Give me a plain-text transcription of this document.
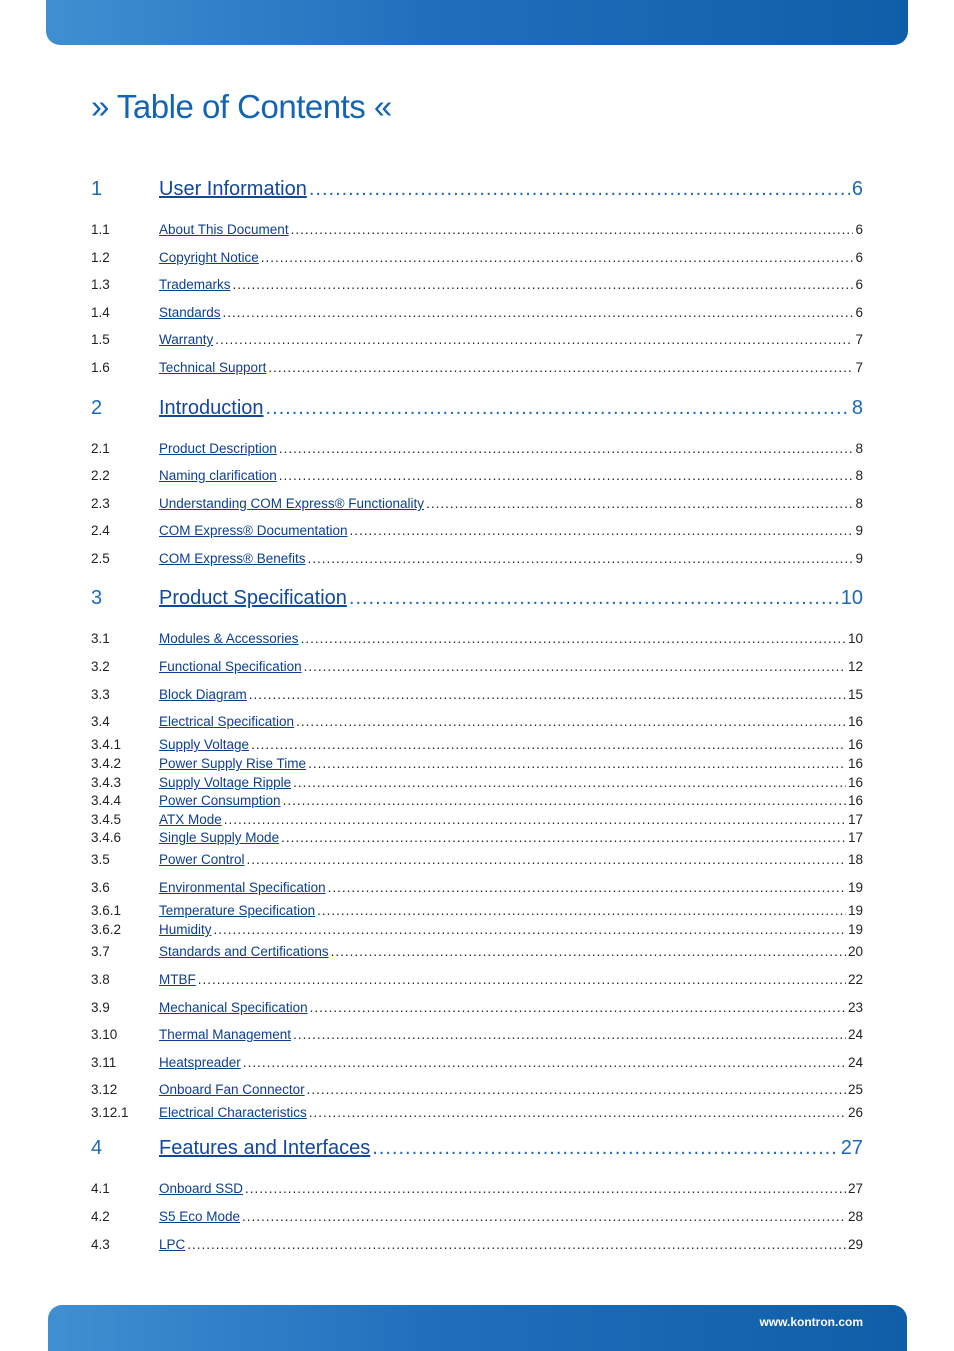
» Table of Contents «
1	User Information .....	6
1.1	About This Document .....	6
1.2	Copyright Notice .....	6
1.3	Trademarks .....	6
1.4	Standards .....	6
1.5	Warranty .....	7
1.6	Technical Support .....	7
2	Introduction .....	8
2.1	Product Description .....	8
2.2	Naming clarification .....	8
2.3	Understanding COM Express® Functionality .....	8
2.4	COM Express® Documentation .....	9
2.5	COM Express® Benefits .....	9
3	Product Specification .....	10
3.1	Modules & Accessories .....	10
3.2	Functional Specification .....	12
3.3	Block Diagram .....	15
3.4	Electrical Specification .....	16
3.4.1	Supply Voltage .....	16
3.4.2	Power Supply Rise Time .....	16
3.4.3	Supply Voltage Ripple .....	16
3.4.4	Power Consumption .....	16
3.4.5	ATX Mode .....	17
3.4.6	Single Supply Mode .....	17
3.5	Power Control .....	18
3.6	Environmental Specification .....	19
3.6.1	Temperature Specification .....	19
3.6.2	Humidity .....	19
3.7	Standards and Certifications .....	20
3.8	MTBF .....	22
3.9	Mechanical Specification .....	23
3.10	Thermal Management .....	24
3.11	Heatspreader .....	24
3.12	Onboard Fan Connector .....	25
3.12.1	Electrical Characteristics .....	26
4	Features and Interfaces .....	27
4.1	Onboard SSD .....	27
4.2	S5 Eco Mode .....	28
4.3	LPC .....	29
www.kontron.com
